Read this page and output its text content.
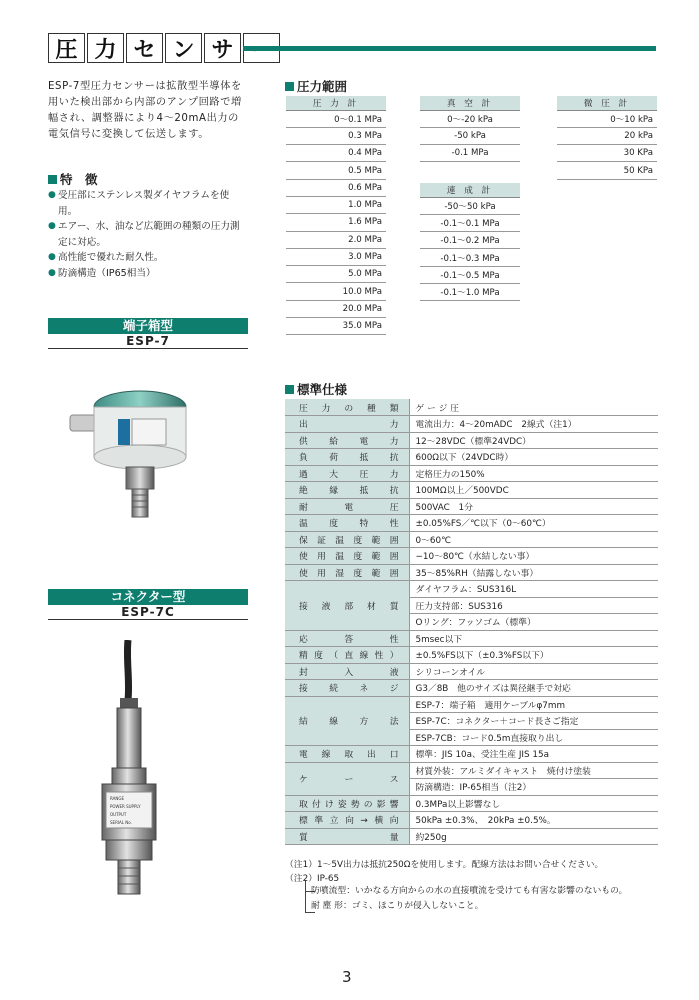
圧 力 セ ン サ
ESP-7型圧力センサーは拡散型半導体を用いた検出部から内部のアンプ回路で増幅され、調整器により4～20mA出力の電気信号に変換して伝送します。
特　徴
● 受圧部にステンレス製ダイヤフラムを使用。
● エアー、水、油など広範囲の種類の圧力測定に対応。
● 高性能で優れた耐久性。
● 防滴構造（IP65相当）
端子箱型
ESP-7
コネクター型
ESP-7C
RANGE
POWER SUPPLY
OUTPUT
SERIAL No.
圧力範囲
圧 力 計
0～0.1 MPa
0.3 MPa
0.4 MPa
0.5 MPa
0.6 MPa
1.0 MPa
1.6 MPa
2.0 MPa
3.0 MPa
5.0 MPa
10.0 MPa
20.0 MPa
35.0 MPa
真 空 計
0～-20 kPa
-50 kPa
-0.1 MPa
連 成 計
-50～50 kPa
-0.1～0.1 MPa
-0.1～0.2 MPa
-0.1～0.3 MPa
-0.1～0.5 MPa
-0.1～1.0 MPa
微 圧 計
0～10 kPa
20 kPa
30 KPa
50 KPa
標準仕様
圧力の種類	ゲ ー ジ 圧
出力	電流出力：4～20mADC　2線式（注1）
供給電力	12～28VDC（標準24VDC）
負荷抵抗	600Ω以下（24VDC時）
過大圧力	定格圧力の150%
絶縁抵抗	100MΩ以上／500VDC
耐電圧	500VAC　1分
温度特性	±0.05%FS／℃以下（0～60℃）
保証温度範囲	0～60℃
使用温度範囲	−10～80℃（水結しない事）
使用湿度範囲	35～85%RH（結露しない事）
接液部材質	ダイヤフラム：SUS316L
	圧力支持部：SUS316
	Oリング：フッソゴム（標準）
応答性	5msec以下
精度（直線性）	±0.5%FS以下（±0.3%FS以下）
封入液	シリコーンオイル
接続ネジ	G3／8B　他のサイズは異径継手で対応
結線方法	ESP-7：端子箱　適用ケーブルφ7mm
	ESP-7C：コネクター＋コード長さご指定
	ESP-7CB：コード0.5m直接取り出し
電線取出口	標準：JIS 10a、受注生産 JIS 15a
ケース	材質外装：アルミダイキャスト　焼付け塗装
	防滴構造：IP-65相当（注2）
取付け姿勢の影響	0.3MPa以上影響なし
標準立向→横向	50kPa ±0.3%、　20kPa ±0.5%。
質量	約250g
（注1）1～5V出力は抵抗250Ωを使用します。配線方法はお問い合せください。
（注2）IP-65
防噴流型：いかなる方向からの水の直接噴流を受けても有害な影響のないもの。
耐 塵 形：ゴミ、ほこりが侵入しないこと。
3
